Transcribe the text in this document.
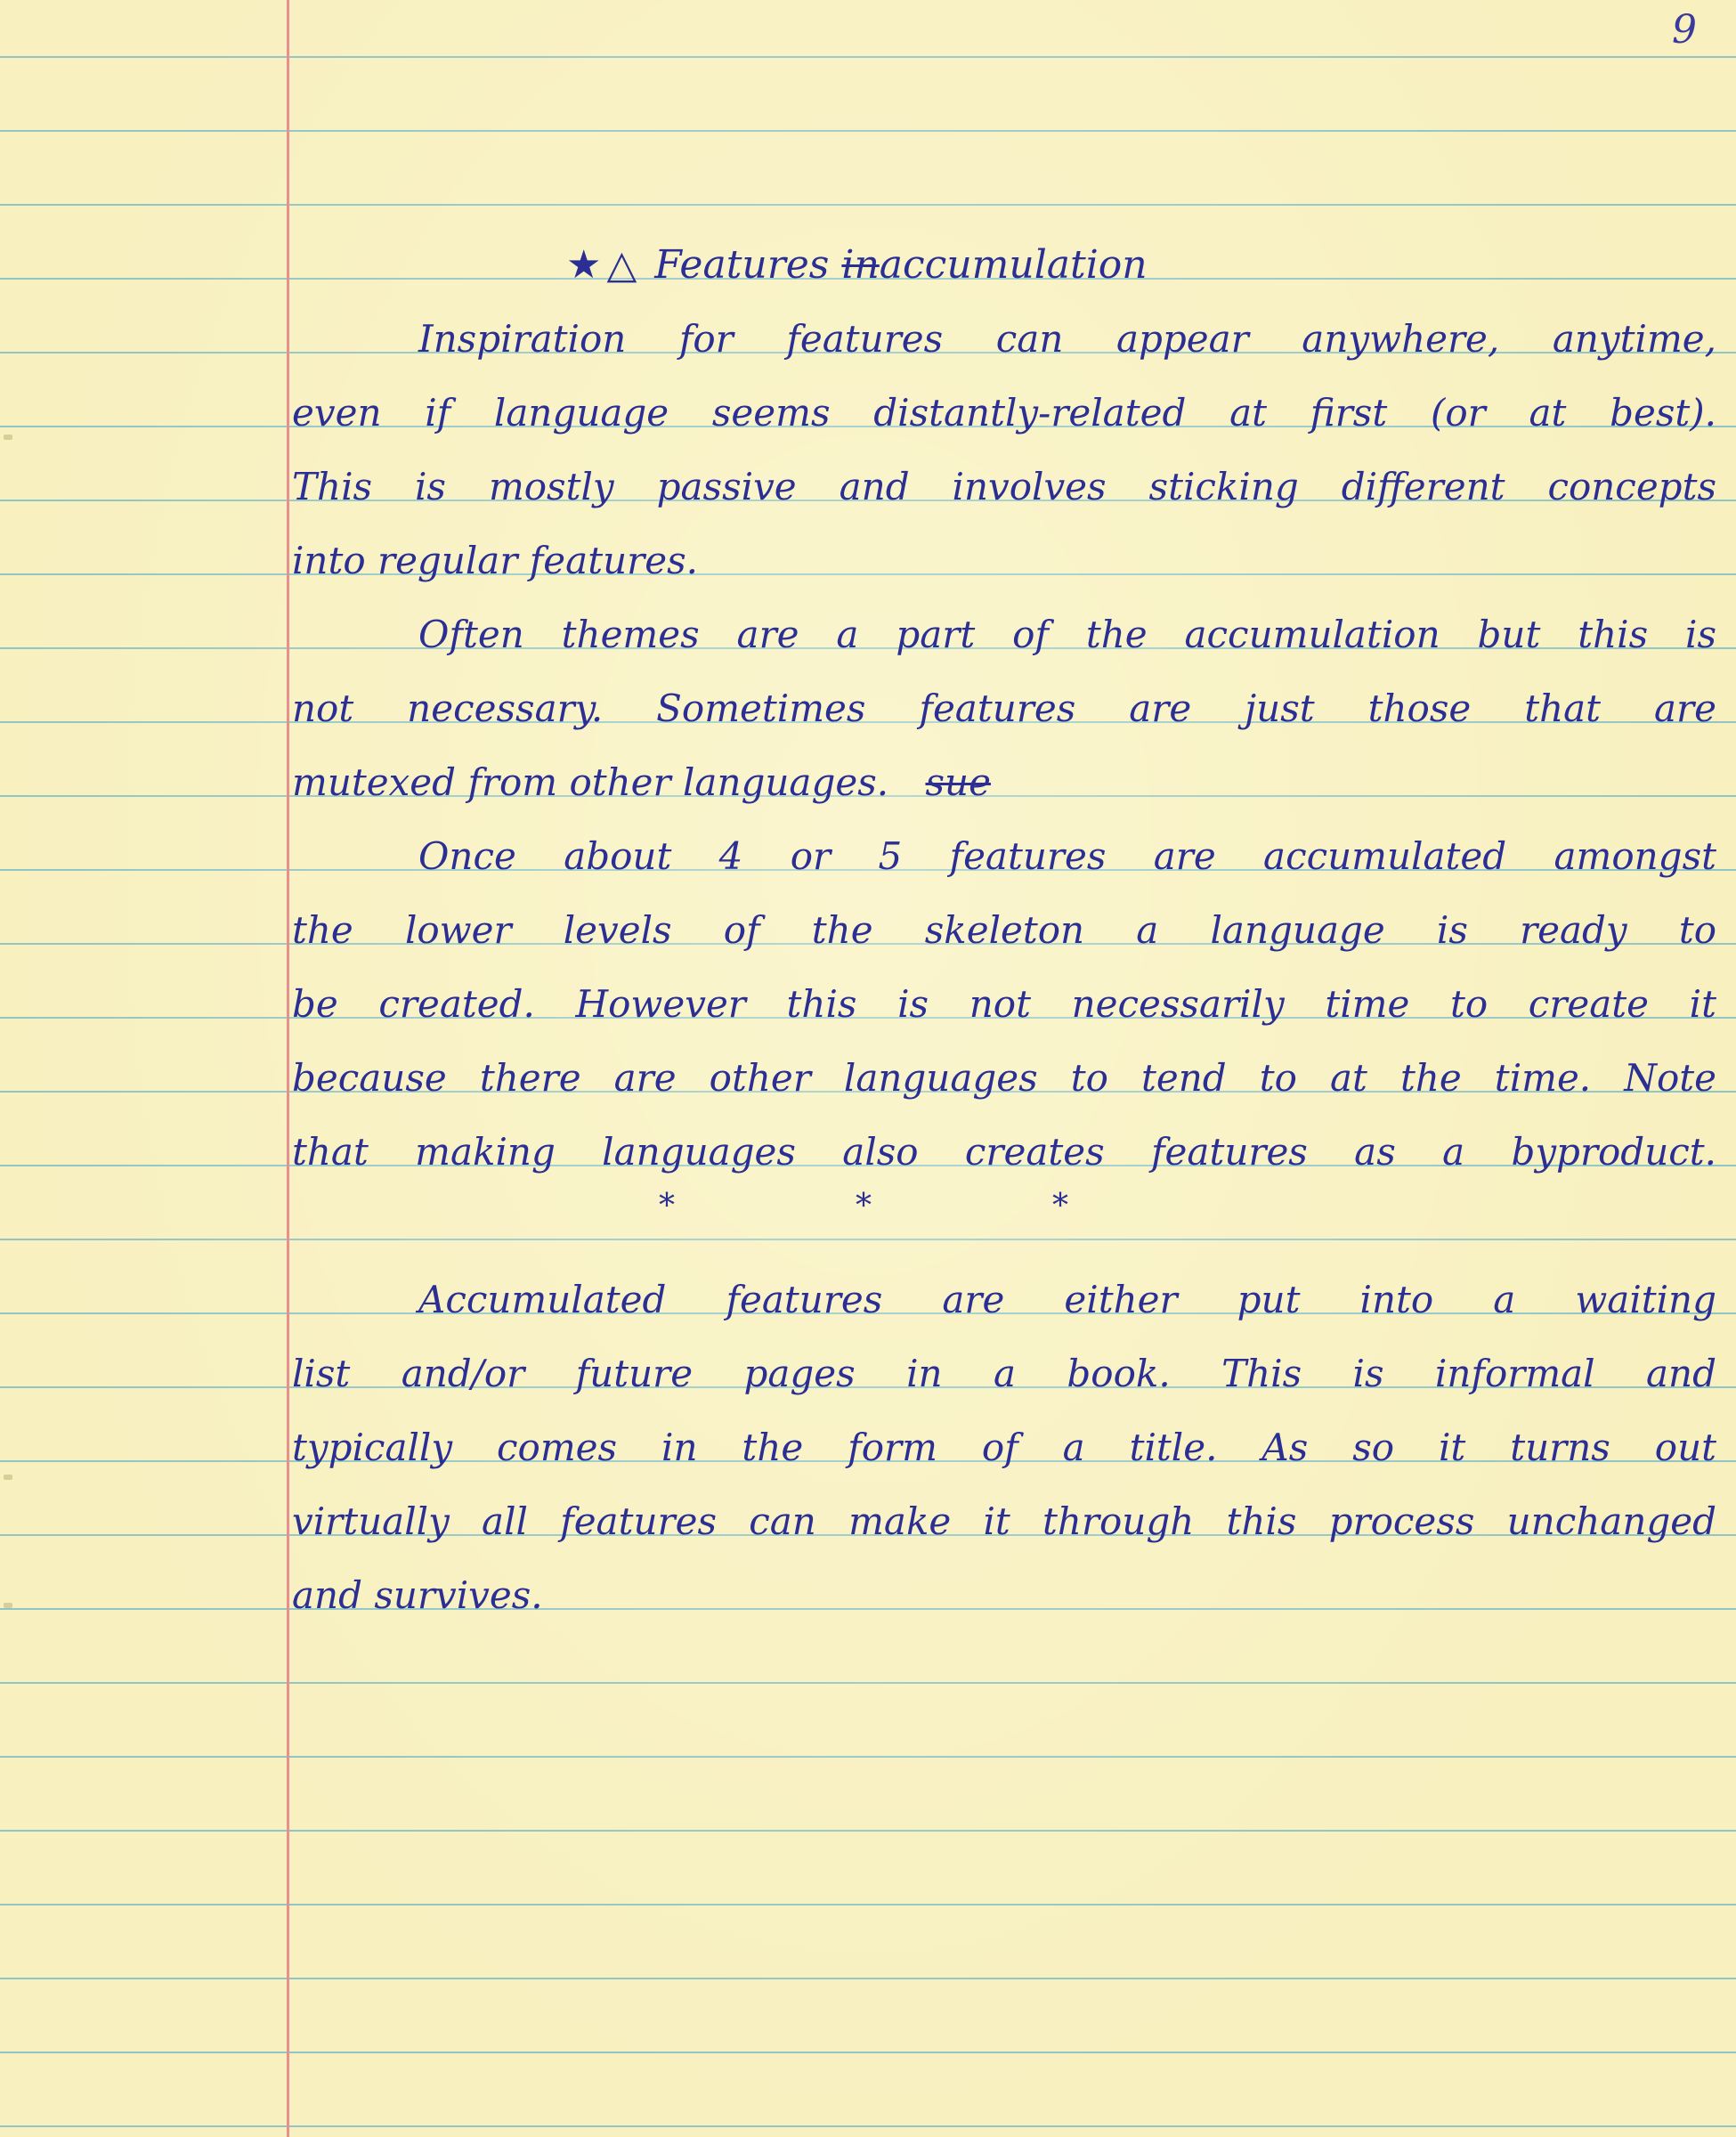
9
★ △ Features inaccumulation
Inspiration for features can appear anywhere, anytime,
even if language seems distantly-related at first (or at best).
This is mostly passive and involves sticking different concepts
into regular features.
Often themes are a part of the accumulation but this is
not necessary. Sometimes features are just those that are
mutexed from other languages. sue
Once about 4 or 5 features are accumulated amongst
the lower levels of the skeleton a language is ready to
be created. However this is not necessarily time to create it
because there are other languages to tend to at the time. Note
that making languages also creates features as a byproduct.
*	*	*
Accumulated features are either put into a waiting
list and/or future pages in a book. This is informal and
typically comes in the form of a title. As so it turns out
virtually all features can make it through this process unchanged
and survives.
